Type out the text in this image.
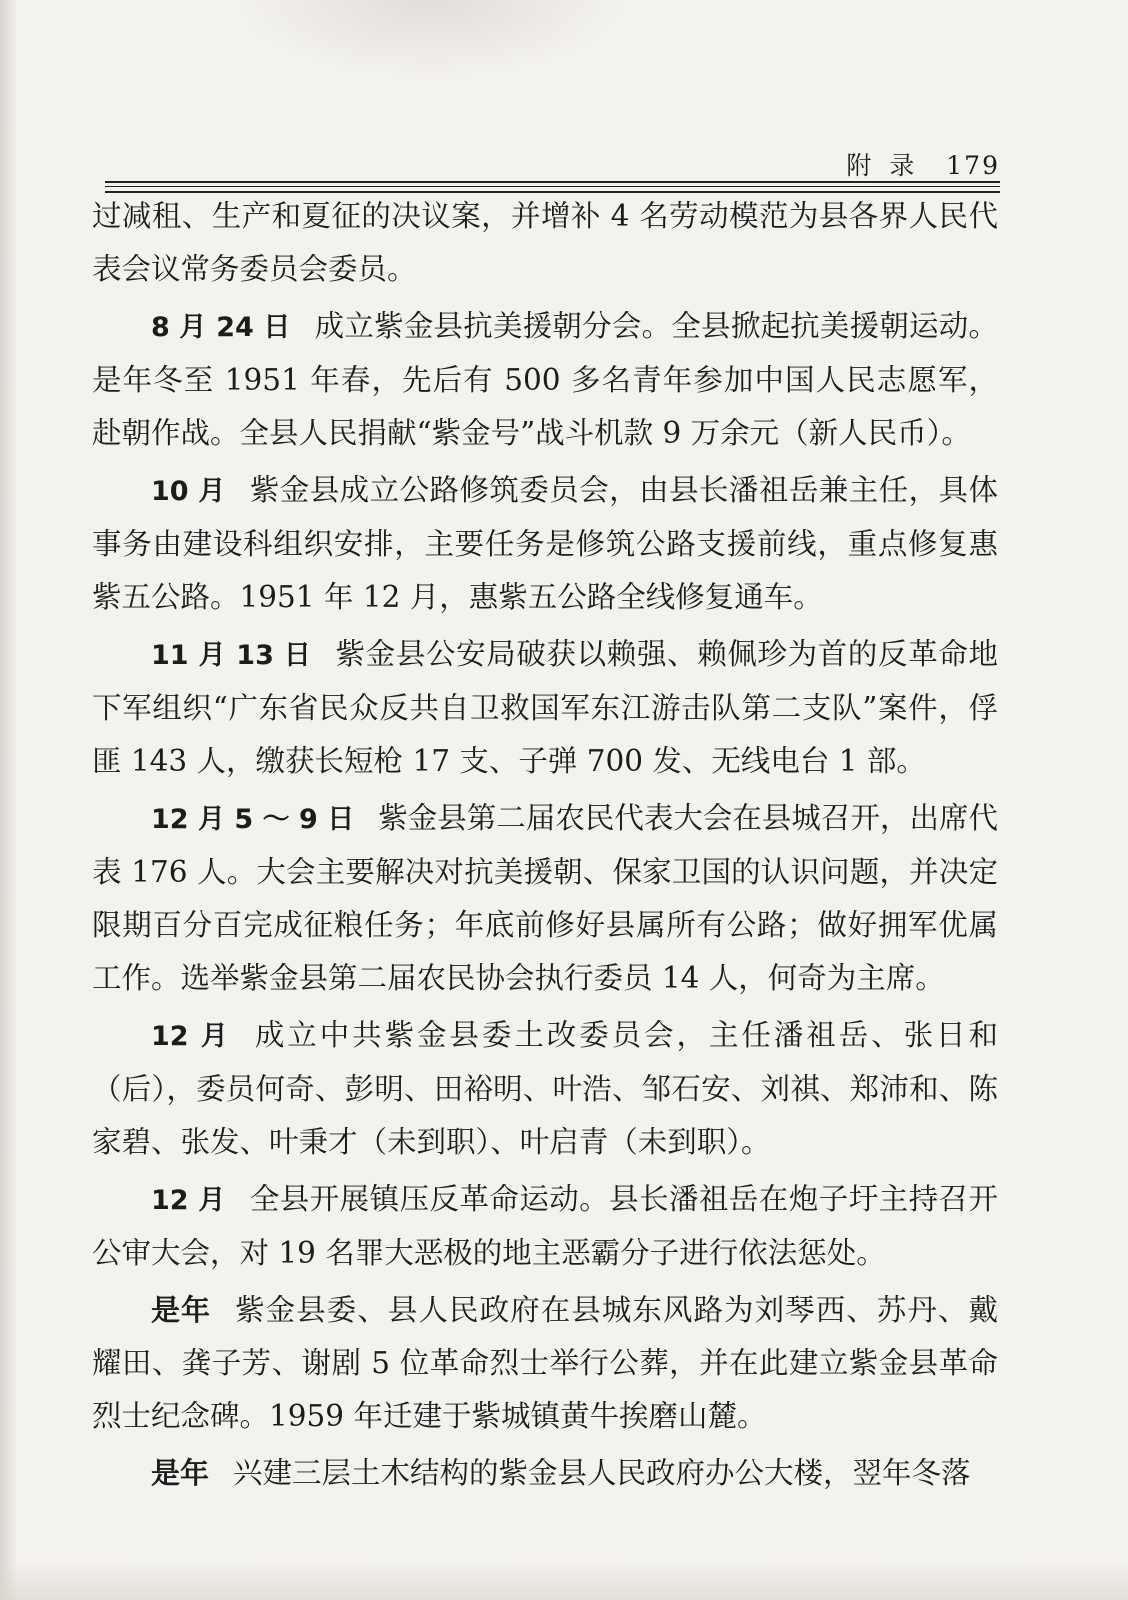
附录 179

过减租、生产和夏征的决议案，并增补 4 名劳动模范为县各界人民代表会议常务委员会委员。

8 月 24 日 成立紫金县抗美援朝分会。全县掀起抗美援朝运动。是年冬至 1951 年春，先后有 500 多名青年参加中国人民志愿军，赴朝作战。全县人民捐献“紫金号”战斗机款 9 万余元（新人民币）。

10 月 紫金县成立公路修筑委员会，由县长潘祖岳兼主任，具体事务由建设科组织安排，主要任务是修筑公路支援前线，重点修复惠紫五公路。1951 年 12 月，惠紫五公路全线修复通车。

11 月 13 日 紫金县公安局破获以赖强、赖佩珍为首的反革命地下军组织“广东省民众反共自卫救国军东江游击队第二支队”案件，俘匪 143 人，缴获长短枪 17 支、子弹 700 发、无线电台 1 部。

12 月 5 ～ 9 日 紫金县第二届农民代表大会在县城召开，出席代表 176 人。大会主要解决对抗美援朝、保家卫国的认识问题，并决定限期百分百完成征粮任务；年底前修好县属所有公路；做好拥军优属工作。选举紫金县第二届农民协会执行委员 14 人，何奇为主席。

12 月 成立中共紫金县委土改委员会，主任潘祖岳、张日和（后），委员何奇、彭明、田裕明、叶浩、邹石安、刘祺、郑沛和、陈家碧、张发、叶秉才（未到职）、叶启青（未到职）。

12 月 全县开展镇压反革命运动。县长潘祖岳在炮子圩主持召开公审大会，对 19 名罪大恶极的地主恶霸分子进行依法惩处。

是年 紫金县委、县人民政府在县城东风路为刘琴西、苏丹、戴耀田、龚子芳、谢剧 5 位革命烈士举行公葬，并在此建立紫金县革命烈士纪念碑。1959 年迁建于紫城镇黄牛挨磨山麓。

是年 兴建三层土木结构的紫金县人民政府办公大楼，翌年冬落
